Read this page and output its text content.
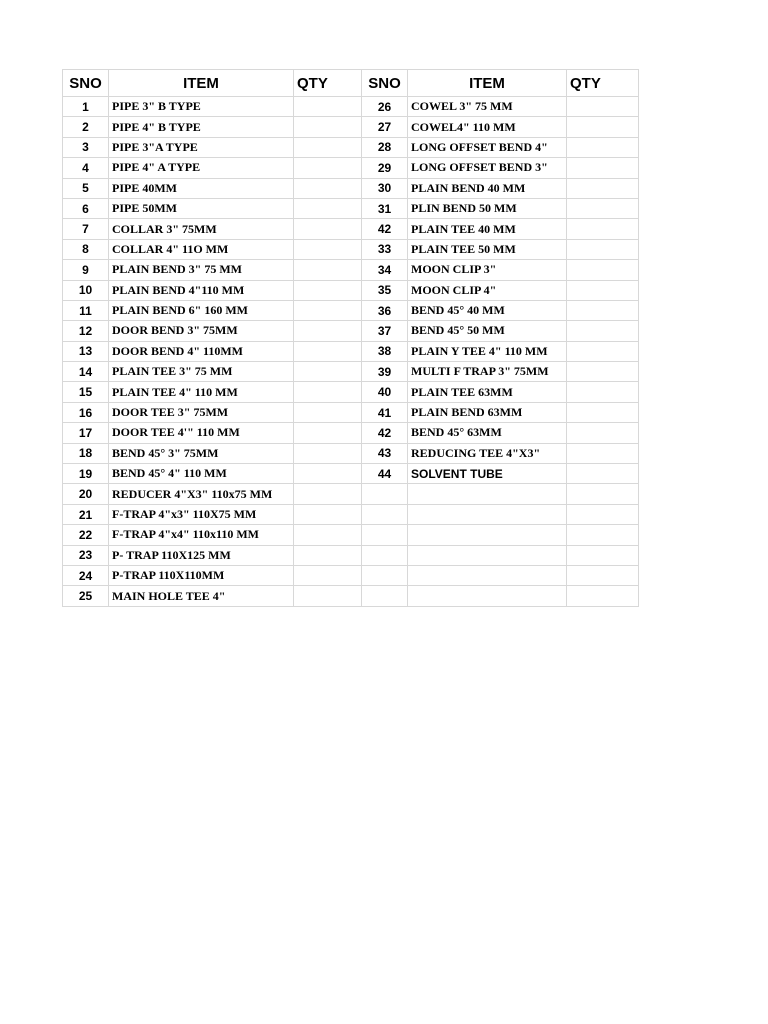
SNO	ITEM	QTY	SNO	ITEM	QTY
1	PIPE 3" B TYPE		26	COWEL 3" 75 MM	
2	PIPE 4" B TYPE		27	COWEL4" 110 MM	
3	PIPE 3"A TYPE		28	LONG OFFSET BEND 4"	
4	PIPE 4" A TYPE		29	LONG OFFSET BEND 3"	
5	PIPE 40MM		30	PLAIN BEND 40 MM	
6	PIPE 50MM		31	PLIN BEND 50 MM	
7	COLLAR 3" 75MM		42	PLAIN TEE 40 MM	
8	COLLAR 4" 11O MM		33	PLAIN TEE 50 MM	
9	PLAIN BEND 3" 75 MM		34	MOON CLIP 3"	
10	PLAIN BEND 4"110 MM		35	MOON CLIP 4"	
11	PLAIN BEND 6" 160 MM		36	BEND 45° 40 MM	
12	DOOR BEND 3" 75MM		37	BEND 45° 50 MM	
13	DOOR BEND 4" 110MM		38	PLAIN Y TEE 4" 110 MM	
14	PLAIN TEE 3" 75 MM		39	MULTI F TRAP 3" 75MM	
15	PLAIN TEE 4" 110 MM		40	PLAIN TEE 63MM	
16	DOOR TEE 3" 75MM		41	PLAIN BEND 63MM	
17	DOOR TEE 4'" 110 MM		42	BEND 45° 63MM	
18	BEND 45° 3" 75MM		43	REDUCING TEE 4"X3"	
19	BEND 45° 4" 110 MM		44	SOLVENT TUBE	
20	REDUCER 4"X3" 110x75 MM				
21	F-TRAP 4"x3" 110X75 MM				
22	F-TRAP 4"x4" 110x110 MM				
23	P- TRAP 110X125 MM				
24	P-TRAP 110X110MM				
25	MAIN HOLE TEE 4"				
